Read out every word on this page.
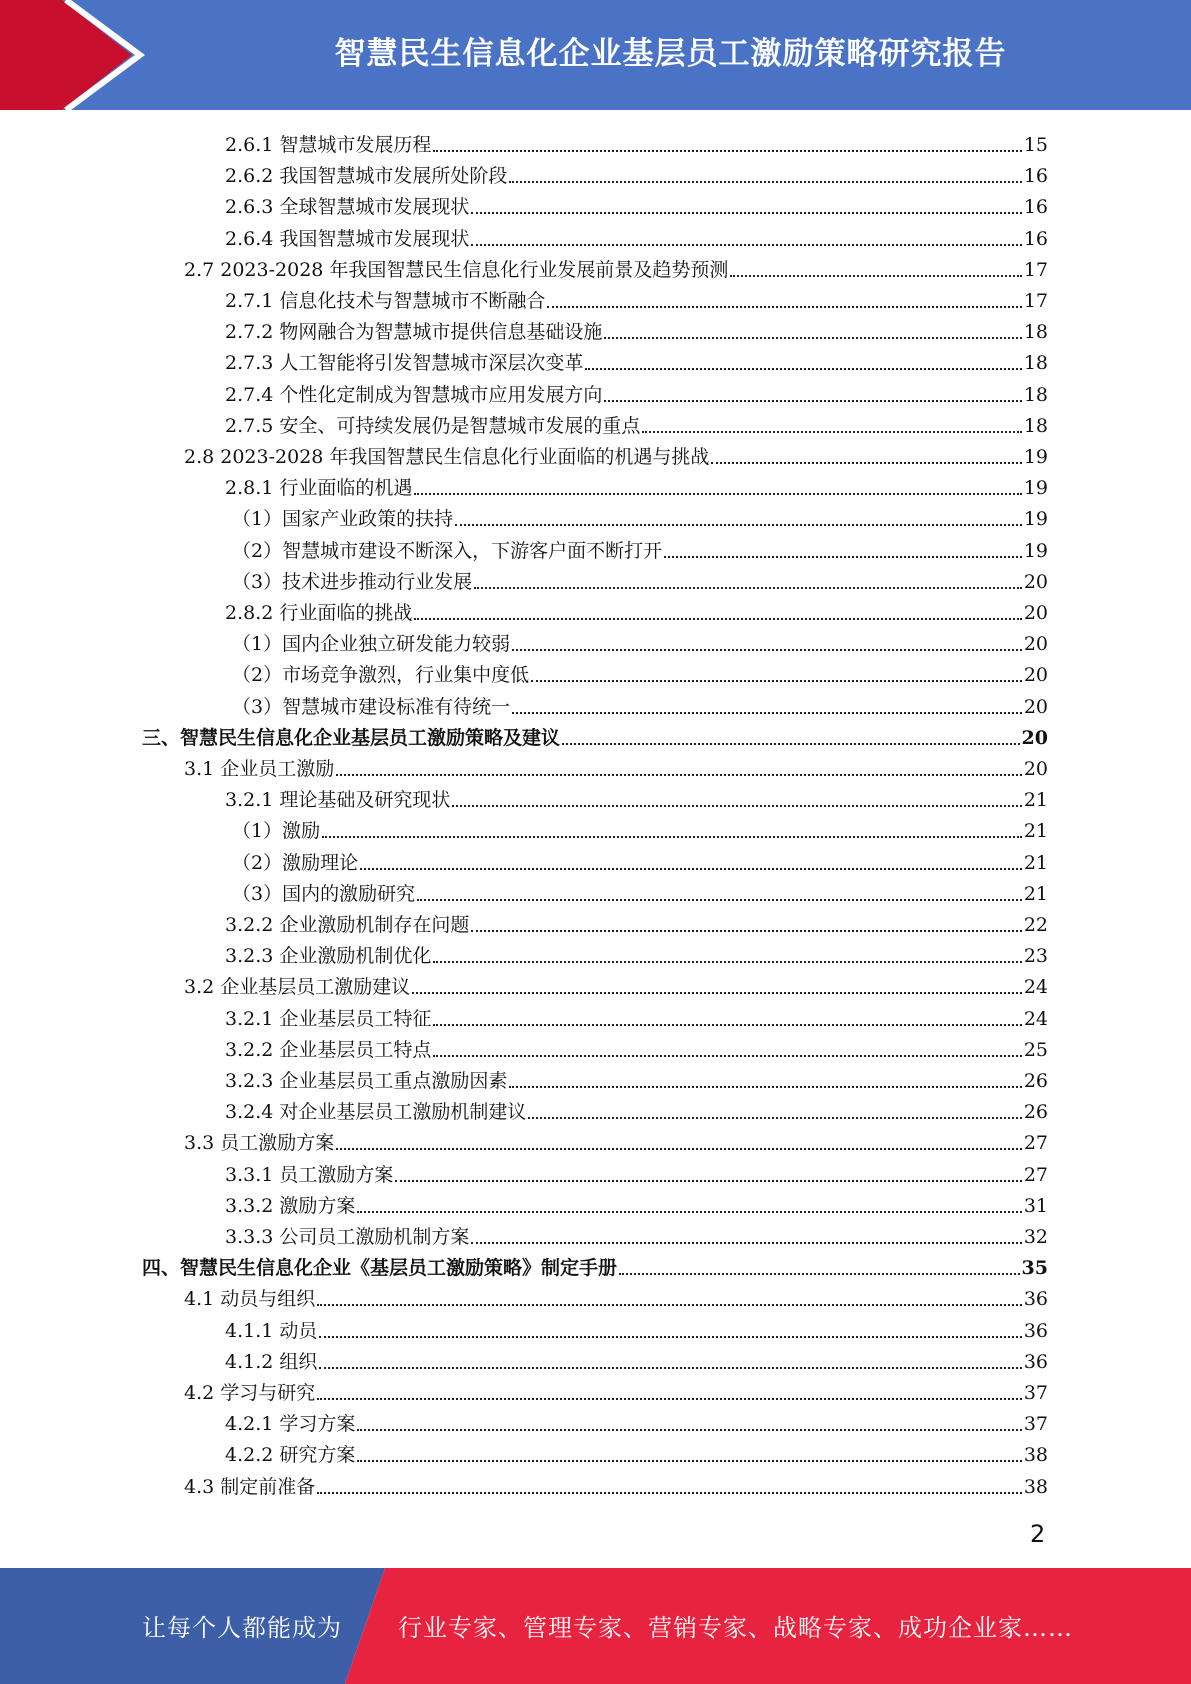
智慧民生信息化企业基层员工激励策略研究报告
2.6.1 智慧城市发展历程	15
2.6.2 我国智慧城市发展所处阶段	16
2.6.3 全球智慧城市发展现状	16
2.6.4 我国智慧城市发展现状	16
2.7 2023-2028 年我国智慧民生信息化行业发展前景及趋势预测	17
2.7.1 信息化技术与智慧城市不断融合	17
2.7.2 物网融合为智慧城市提供信息基础设施	18
2.7.3 人工智能将引发智慧城市深层次变革	18
2.7.4 个性化定制成为智慧城市应用发展方向	18
2.7.5 安全、可持续发展仍是智慧城市发展的重点	18
2.8 2023-2028 年我国智慧民生信息化行业面临的机遇与挑战	19
2.8.1 行业面临的机遇	19
（1）国家产业政策的扶持	19
（2）智慧城市建设不断深入，下游客户面不断打开	19
（3）技术进步推动行业发展	20
2.8.2 行业面临的挑战	20
（1）国内企业独立研发能力较弱	20
（2）市场竞争激烈，行业集中度低	20
（3）智慧城市建设标准有待统一	20
三、智慧民生信息化企业基层员工激励策略及建议	20
3.1 企业员工激励	20
3.2.1 理论基础及研究现状	21
（1）激励	21
（2）激励理论	21
（3）国内的激励研究	21
3.2.2 企业激励机制存在问题	22
3.2.3 企业激励机制优化	23
3.2 企业基层员工激励建议	24
3.2.1 企业基层员工特征	24
3.2.2 企业基层员工特点	25
3.2.3 企业基层员工重点激励因素	26
3.2.4 对企业基层员工激励机制建议	26
3.3 员工激励方案	27
3.3.1 员工激励方案	27
3.3.2 激励方案	31
3.3.3 公司员工激励机制方案	32
四、智慧民生信息化企业《基层员工激励策略》制定手册	35
4.1 动员与组织	36
4.1.1 动员	36
4.1.2 组织	36
4.2 学习与研究	37
4.2.1 学习方案	37
4.2.2 研究方案	38
4.3 制定前准备	38
2
让每个人都能成为 行业专家、管理专家、营销专家、战略专家、成功企业家……
